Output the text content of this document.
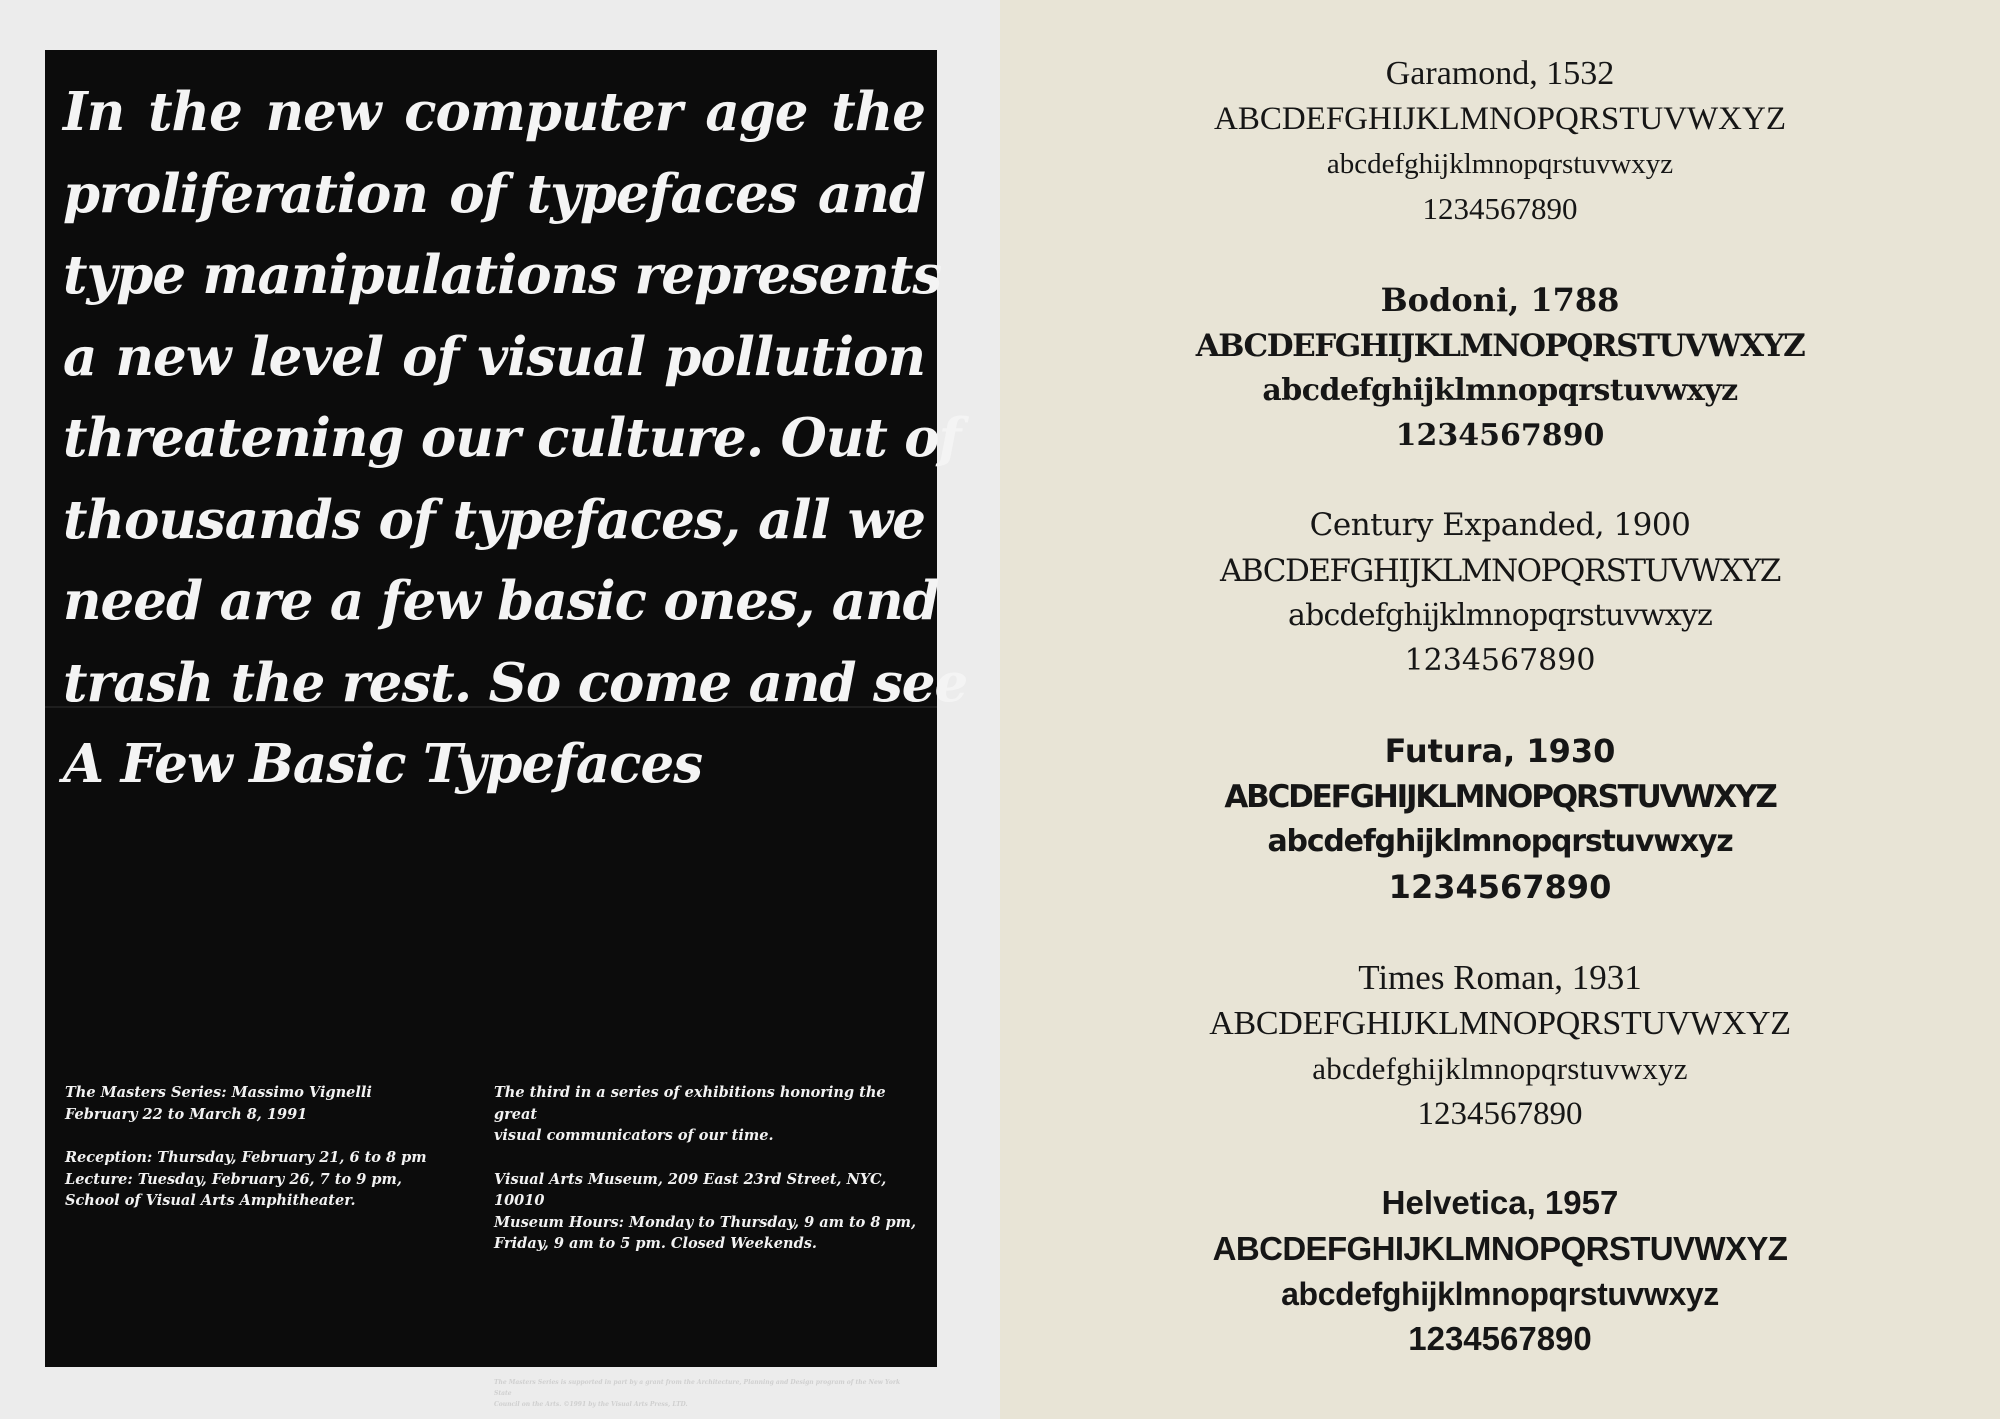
In the new computer age the
proliferation of typefaces and
type manipulations represents
a new level of visual pollution
threatening our culture. Out of
thousands of typefaces, all we
need are a few basic ones, and
trash the rest. So come and see
A Few Basic Typefaces

The Masters Series: Massimo Vignelli

February 22 to March 8, 1991

Reception: Thursday, February 21, 6 to 8 pm

Lecture: Tuesday, February 26, 7 to 9 pm,

School of Visual Arts Amphitheater.

The third in a series of exhibitions honoring the great

visual communicators of our time.

Visual Arts Museum, 209 East 23rd Street, NYC, 10010

Museum Hours: Monday to Thursday, 9 am to 8 pm,

Friday, 9 am to 5 pm. Closed Weekends.

The Masters Series is supported in part by a grant from the Architecture, Planning and Design program of the New York State
Council on the Arts. ©1991 by the Visual Arts Press, LTD.
Garamond, 1532
ABCDEFGHIJKLMNOPQRSTUVWXYZ
abcdefghijklmnopqrstuvwxyz
1234567890
Bodoni, 1788
ABCDEFGHIJKLMNOPQRSTUVWXYZ
abcdefghijklmnopqrstuvwxyz
1234567890
Century Expanded, 1900
ABCDEFGHIJKLMNOPQRSTUVWXYZ
abcdefghijklmnopqrstuvwxyz
1234567890
Futura, 1930
ABCDEFGHIJKLMNOPQRSTUVWXYZ
abcdefghijklmnopqrstuvwxyz
1234567890
Times Roman, 1931
ABCDEFGHIJKLMNOPQRSTUVWXYZ
abcdefghijklmnopqrstuvwxyz
1234567890
Helvetica, 1957
ABCDEFGHIJKLMNOPQRSTUVWXYZ
abcdefghijklmnopqrstuvwxyz
1234567890
